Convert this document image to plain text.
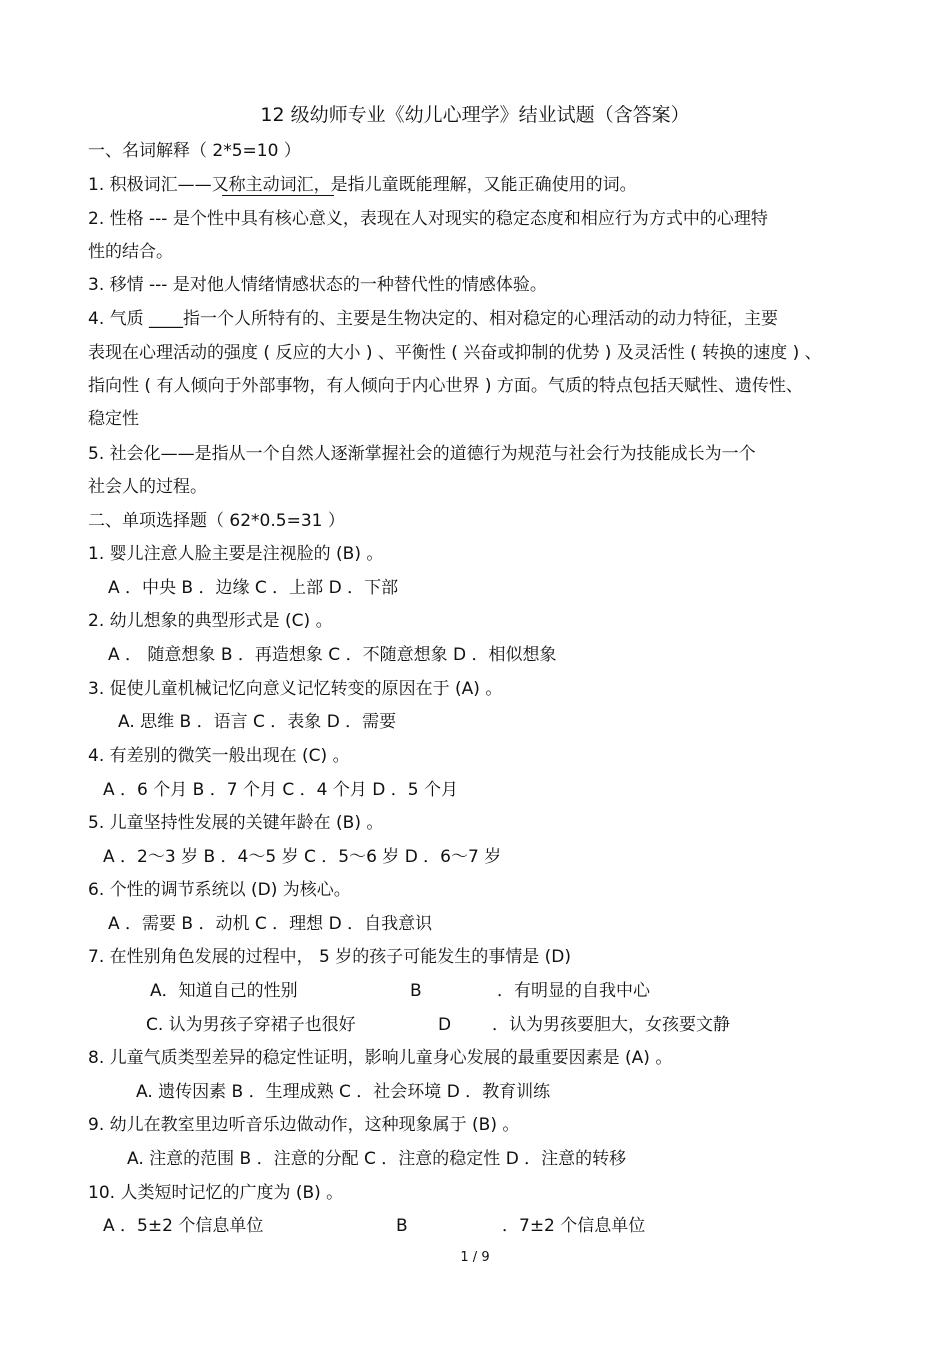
12 级幼师专业《幼儿心理学》结业试题（含答案）
一、名词解释（ 2*5=10 ）
1. 积极词汇——又称主动词汇，是指儿童既能理解，又能正确使用的词。
2. 性格 --- 是个性中具有核心意义，表现在人对现实的稳定态度和相应行为方式中的心理特
性的结合。
3. 移情 --- 是对他人情绪情感状态的一种替代性的情感体验。
4. 气质 ____指一个人所特有的、主要是生物决定的、相对稳定的心理活动的动力特征，主要
表现在心理活动的强度 ( 反应的大小 ) 、平衡性 ( 兴奋或抑制的优势 ) 及灵活性 ( 转换的速度 ) 、
指向性 ( 有人倾向于外部事物，有人倾向于内心世界 ) 方面。气质的特点包括天赋性、遗传性、
稳定性
5. 社会化——是指从一个自然人逐渐掌握社会的道德行为规范与社会行为技能成长为一个
社会人的过程。
二、单项选择题（ 62*0.5=31 ）
1. 婴儿注意人脸主要是注视脸的 (B) 。
A ．中央 B ．边缘 C ．上部 D ．下部
2. 幼儿想象的典型形式是 (C) 。
A ． 随意想象 B ．再造想象 C ．不随意想象 D ．相似想象
3. 促使儿童机械记忆向意义记忆转变的原因在于 (A) 。
A. 思维 B ．语言 C ．表象 D ．需要
4. 有差别的微笑一般出现在 (C) 。
A ．6 个月 B ．7 个月 C ．4 个月 D ．5 个月
5. 儿童坚持性发展的关键年龄在 (B) 。
A ．2～3 岁 B ．4～5 岁 C ．5～6 岁 D ．6～7 岁
6. 个性的调节系统以 (D) 为核心。
A ．需要 B ．动机 C ．理想 D ．自我意识
7. 在性别角色发展的过程中， 5 岁的孩子可能发生的事情是 (D)
A．知道自己的性别	B	．有明显的自我中心
C. 认为男孩子穿裙子也很好	D ．认为男孩要胆大，女孩要文静
8. 儿童气质类型差异的稳定性证明，影响儿童身心发展的最重要因素是 (A) 。
A. 遗传因素 B ．生理成熟 C ．社会环境 D ．教育训练
9. 幼儿在教室里边听音乐边做动作，这种现象属于 (B) 。
A. 注意的范围 B ．注意的分配 C ．注意的稳定性 D ．注意的转移
10. 人类短时记忆的广度为 (B) 。
A ．5±2 个信息单位	B	．7±2 个信息单位
1 / 9
